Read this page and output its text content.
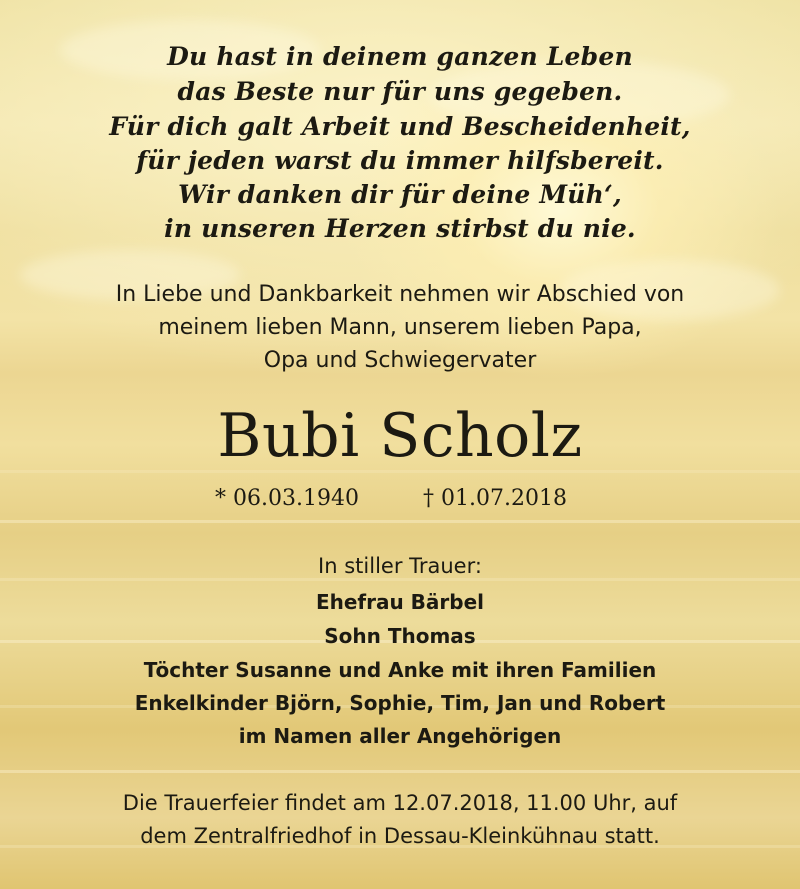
Du hast in deinem ganzen Leben
das Beste nur für uns gegeben.
Für dich galt Arbeit und Bescheidenheit,
für jeden warst du immer hilfsbereit.
Wir danken dir für deine Müh‘,
in unseren Herzen stirbst du nie.
In Liebe und Dankbarkeit nehmen wir Abschied von
meinem lieben Mann, unserem lieben Papa,
Opa und Schwiegervater
Bubi Scholz
* 06.03.1940	† 01.07.2018
In stiller Trauer:
Ehefrau Bärbel
Sohn Thomas
Töchter Susanne und Anke mit ihren Familien
Enkelkinder Björn, Sophie, Tim, Jan und Robert
im Namen aller Angehörigen
Die Trauerfeier findet am 12.07.2018, 11.00 Uhr, auf
dem Zentralfriedhof in Dessau-Kleinkühnau statt.
